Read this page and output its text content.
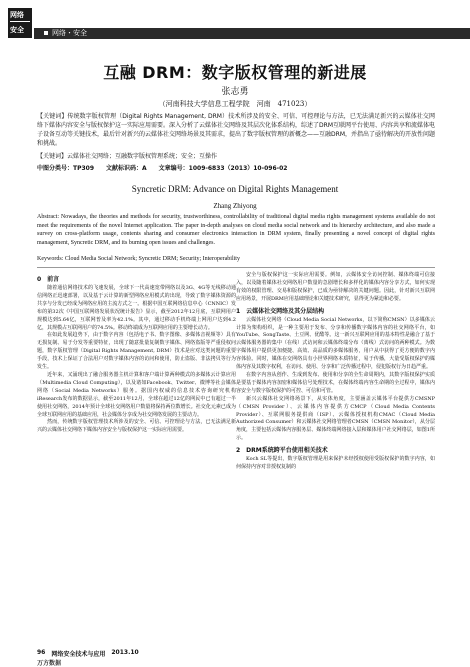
网络
安全	网络・安全
互融 DRM：数字版权管理的新进展
张志勇
（河南科技大学信息工程学院　河南　471023）
【关键词】传统数字版权管理（Digital Rights Management, DRM）技术所涉及的安全、可信、可控理论与方法，已无法满足新兴的云媒体社交网络下媒体内容安全与版权保护这一实际应用需要。深入分析了云媒体社交网络及其层次化体系结构，综述了DRM互联网平台使用、内容共享和流媒体电子设备互动等关键技术，最后针对新兴的云媒体社交网络场景及其需求，提出了数字版权管理的新概念——互融DRM，并指出了亟待解决的开放性问题和挑战。
【关键词】云媒体社交网络；互融数字版权管理系统；安全；互操作
中图分类号：TP309 文献标识码：A 文章编号：1009-6833（2013）10-096-02
Syncretic DRM: Advance on Digital Rights Management
Zhang Zhiyong
Abstract: Nowadays, the theories and methods for security, trustworthiness, controllability of traditional digital media rights management systems available do not meet the requirements of the novel Internet application. The paper in-depth analyses on cloud media social network and its hierarchy architecture, and also made a survey on cross-platform usage, contents sharing and consumer electronics interaction in DRM system, finally presenting a novel concept of digital rights management, Syncretic DRM, and its burning open issues and challenges.
Keywords: Cloud Media Social Network; Syncretic DRM; Security; Interoperability
0　前言

随着通信网络技术的飞速发展，全球下一代高速宽带网络以及3G、4G等无线移动通信网络正迅速部署，以及基于云计算的新型网络应用模式的出现，导致了数字媒体资源的共享与分发已经成为网络应用的主流方式之一。根据中国互联网络信息中心（CNNIC）发布的第32次《中国互联网络发展状况统计报告》显示，截至2012年12月底，互联网用户规模达到5.64亿，互联网普及率为42.1%。其中，通过移动手机终端上网用户达到4.2亿，其规模占互联网用户的74.5%。移动终端成为互联网应用的主要增长动力。

在如此发展趋势下，由于数字内容（包括电子书、数字图像、多媒体音视频等）具有无损复制、易于分发等重要特征，出现了随意批量复制数字媒体、网络盗版等严重侵权问题，数字版权管理（Digital Rights Management, DRM）技术是应对这类问题的重要手段，技术上保证了合法用户对数字媒体内容的访问和使用，防止盗版、非法拷贝等行为发生。

近年来，又涌现出了融合服务器主机计算和客户端计算两种模式的多媒体云计算应用（Multimedia Cloud Computing），以及诸如Facebook、Twitter、微博等社会媒体网络（Social Media Networks）服务。据国内权威的信息技术咨询研究机构iResearch发布的数据显示，截至2011年12月，全球在超过12亿的网民中已有超过一半使用社交网络，2014年预计全球社交网络用户数量将保持两位数增长。社交化元素已成为全球互联网应用的基础应用，社会媒体分享成为社交网络发展的主要动力。

然而，传统数字版权管理技术所涉及的安全、可信、可控理论与方法，已无法满足新兴的云媒体社交网络下媒体内容安全与版权保护这一实际应用需要。

安全与版权保护这一实际应用需要。例如，云媒体安全访问控制、媒体终端可信接入，以及随着媒体社交网络用户数量的急剧增长和多样化的媒体内容分享方式，如何实现有效的权限管理、交易和版权保护，已成为亟待解决的关键问题。因此，针对新兴互联网应用场景，开展DRM应用基础理论和关键技术研究，显得更为紧迫和必要。

1　云媒体社交网络及其分层结构

云媒体社交网络（Cloud Media Social Networks，以下简称CMSN）以多媒体云计算为架构组织，是一种主要用于发布、分享和传播数字媒体内容的社交网络平台，如YouTube、SongTaste、土豆网、优酷等。这一新兴互联网应用的基本特性是融合了基于云媒体服务器的集中（在线）式访问和云媒体终端分布（离线）式访问的两种模式。为数字媒体用户提供更加便捷、高效、高品质的多媒体服务，用户从中获得了更方便的数字内容体验。同时，媒体在交网络具有小世界网络本质特征，易于传播，大量受版权保护的媒体内容及其数字权利，在访问、使用、分享和广泛传播过程中，侵犯版权行为日趋严重。

在数字内容从创作、生成到发布、使用和分享的全生命周期内，其数字版权保护实质是要基于媒体内容加密和媒体信号处理技术，在媒体终端内容生命期的全过程中，媒体内容安全与数字版权保护的可控、可信和可管。

新兴云媒体社交网络场景下，从实体角度，主要涵盖云媒体平台提供方CMSNP（CMSN Provider）、云媒体内容提供方CMCP（Cloud Media Contents Provider）、互联网服务提供商（ISP）、云媒体授权机构CMAC（Cloud Media Authorized Consumer）和云媒体社交网络管理者CMSN（CMSN Monitor），从分层角度，主要包括云媒体内容服务层、媒体终端网络接入层和媒体用户社交网络层，如图1所示。

2　DRM系统跨平台使用相关技术

Koch SL等提出，数字版权管理是用来保护未经授权使用受版权保护的数字内容，如何保持内容对非授权复制的

96 网络安全技术与应用 2013.10
万方数据
